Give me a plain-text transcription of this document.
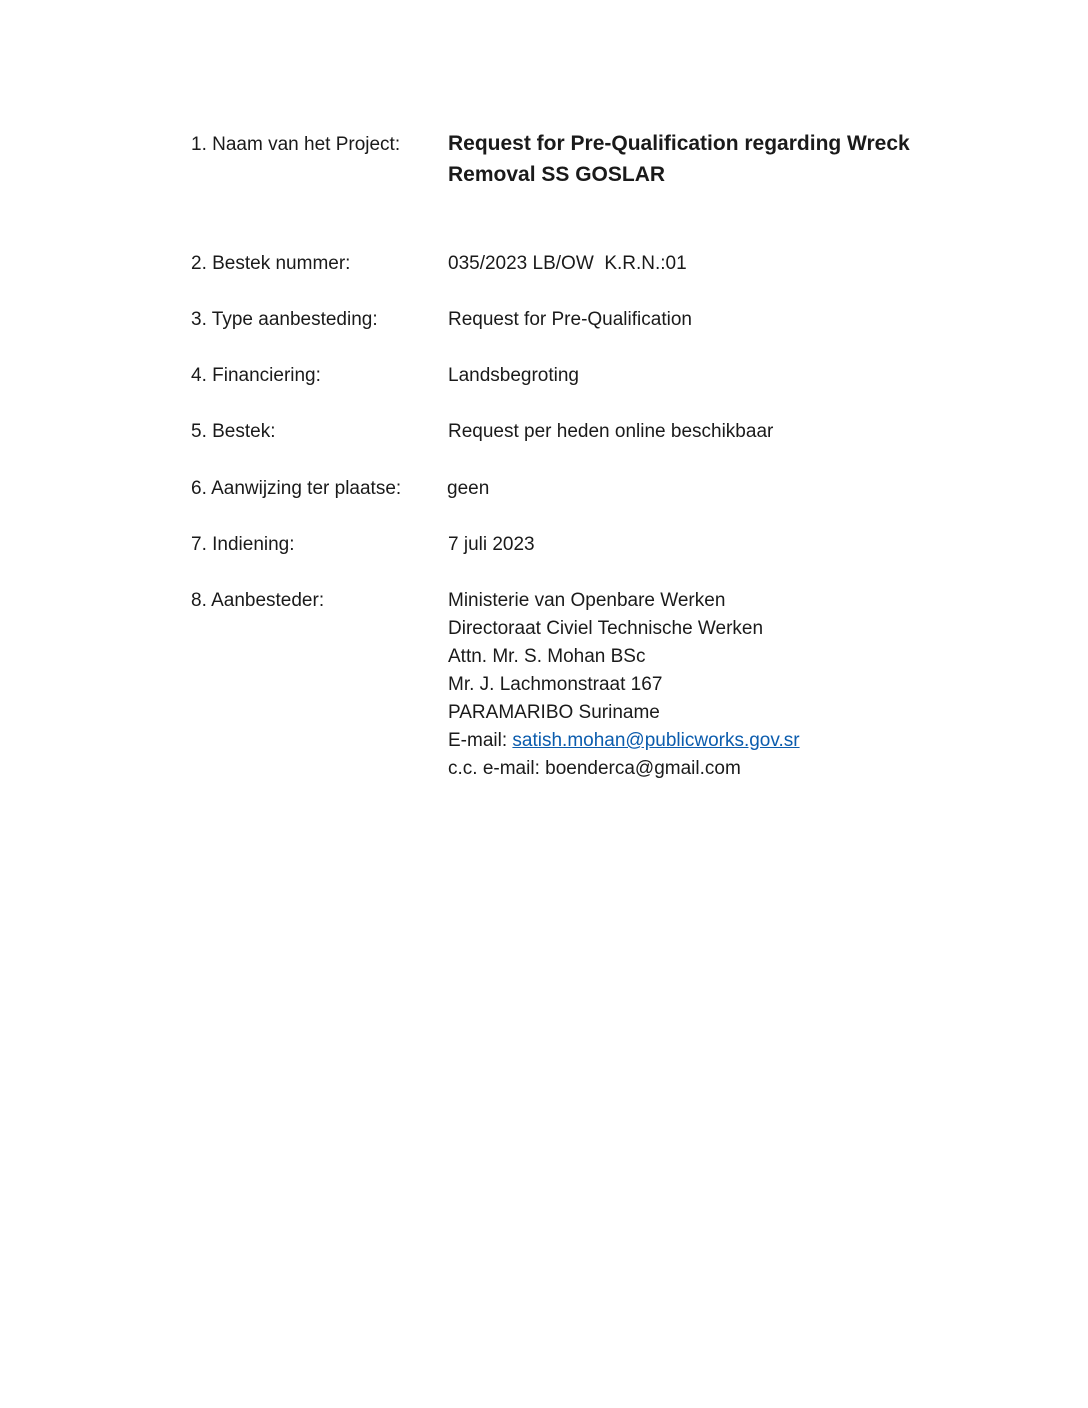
1. Naam van het Project: Request for Pre-Qualification regarding Wreck
Removal SS GOSLAR
2. Bestek nummer:	035/2023 LB/OW  K.R.N.:01
3. Type aanbesteding:	Request for Pre-Qualification
4. Financiering:	Landsbegroting
5. Bestek:	Request per heden online beschikbaar
6. Aanwijzing ter plaatse: geen
7. Indiening:	7 juli 2023
8. Aanbesteder:	Ministerie van Openbare Werken
Directoraat Civiel Technische Werken
Attn. Mr. S. Mohan BSc
Mr. J. Lachmonstraat 167
PARAMARIBO Suriname
E-mail: satish.mohan@publicworks.gov.sr
c.c. e-mail: boenderca@gmail.com
